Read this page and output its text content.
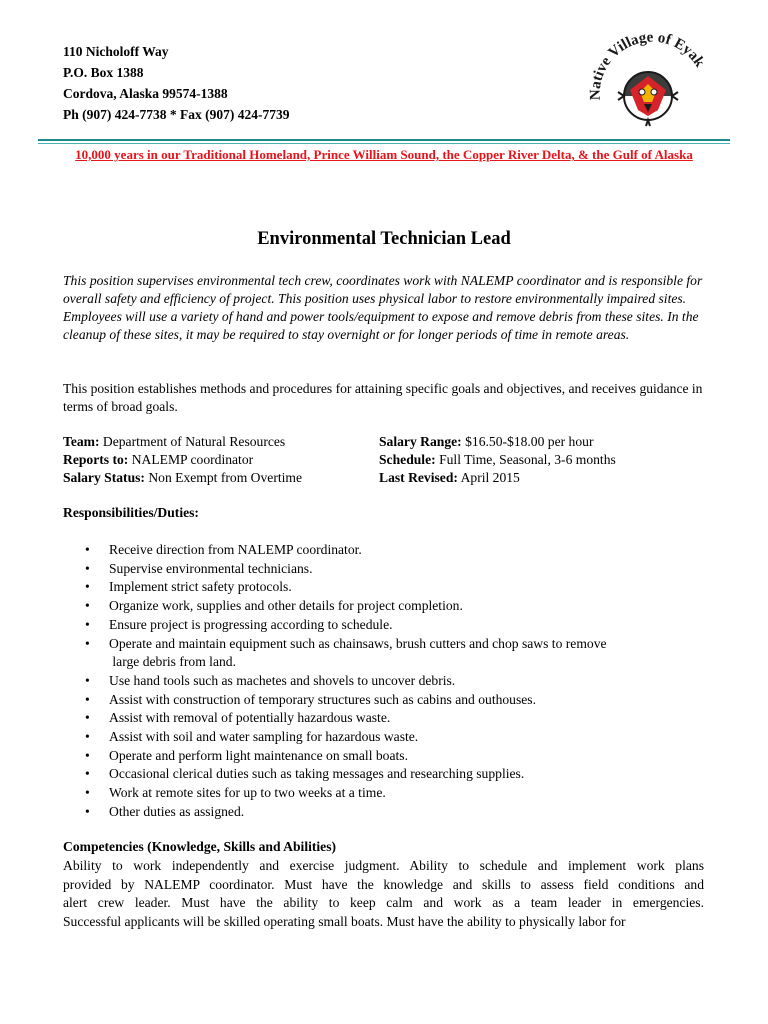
110 Nicholoff Way
P.O. Box 1388
Cordova, Alaska 99574-1388
Ph (907) 424-7738 * Fax (907) 424-7739
Native Village of Eyak
10,000 years in our Traditional Homeland, Prince William Sound, the Copper River Delta, & the Gulf of Alaska
Environmental Technician Lead
This position supervises environmental tech crew, coordinates work with NALEMP coordinator and is responsible for overall safety and efficiency of project. This position uses physical labor to restore environmentally impaired sites. Employees will use a variety of hand and power tools/equipment to expose and remove debris from these sites. In the cleanup of these sites, it may be required to stay overnight or for longer periods of time in remote areas.
This position establishes methods and procedures for attaining specific goals and objectives, and receives guidance in terms of broad goals.
Team: Department of Natural Resources
Reports to: NALEMP coordinator
Salary Status: Non Exempt from Overtime
Salary Range: $16.50-$18.00 per hour
Schedule: Full Time, Seasonal, 3-6 months
Last Revised: April 2015
Responsibilities/Duties:
• Receive direction from NALEMP coordinator.
• Supervise environmental technicians.
• Implement strict safety protocols.
• Organize work, supplies and other details for project completion.
• Ensure project is progressing according to schedule.
• Operate and maintain equipment such as chainsaws, brush cutters and chop saws to remove
large debris from land.
• Use hand tools such as machetes and shovels to uncover debris.
• Assist with construction of temporary structures such as cabins and outhouses.
• Assist with removal of potentially hazardous waste.
• Assist with soil and water sampling for hazardous waste.
• Operate and perform light maintenance on small boats.
• Occasional clerical duties such as taking messages and researching supplies.
• Work at remote sites for up to two weeks at a time.
• Other duties as assigned.
Competencies (Knowledge, Skills and Abilities)
Ability to work independently and exercise judgment. Ability to schedule and implement work plans
provided by NALEMP coordinator. Must have the knowledge and skills to assess field conditions and
alert crew leader. Must have the ability to keep calm and work as a team leader in emergencies.
Successful applicants will be skilled operating small boats. Must have the ability to physically labor for
